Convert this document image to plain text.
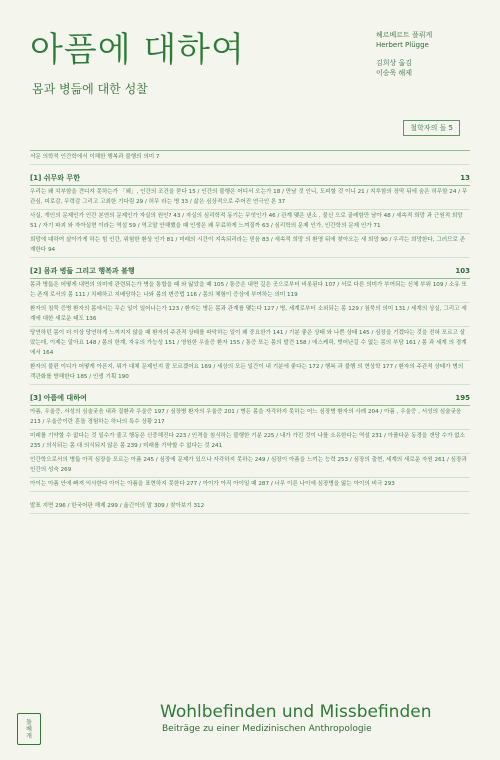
아픔에 대하여
몸과 병듦에 대한 성찰
헤르베르트 플뤼게
Herbert Plügge
김희상 옮김
이승욱 해제
철학자의 돌 5

서문 의학적 인간학에서 이해한 행복과 불행의 의미 7

[1] 쉬무와 무한	13

우리는 왜 치부함을 견디지 못하는가 「왜」, 인간의 조건을 묻다 15 / 인간의 불행은 어디서 오는가 18 / 만남 것 인니, 도피할 것 이니 21 / 지루함의 장막 뒤에 숨은 허무함 24 / 무관심, 피로감, 무력감 그리고 고최한 기다림 29 / 허무 라는 병 33 / 삶은 심상적으로 주어진 연극인 론 37

사실, 개인의 문제인가 인간 본연의 문제인가 자실의 원인? 43 / 자실의 심리학적 동기는 무엇인가 46 / 관계 맺은 낸소 , 불신 으로 골레함만 남아 48 / 세속적 희망 과 근원적 희망 51 / 자기 파괴 와 자아실현 이라는 역설 59 / 역고말 안해했을 때 인생은 왜 무료하게 느껴질까 63 / 심리학의 문제 인가, 인간학의 문제 인가 71

희망에 대하여 살아가게 하는 힘 인간, 위험한 환상 인가 81 / 미래의 시간이 지속되리라는 믿음 83 / 세속적 희망 의 환영 뒤에 찾아오는 새 희망 90 / 우리는 희망한다, 그러므로 존재한다 94

[2] 몸과 병듦 그리고 행복과 불행	103

몸과 병듦은 어떻게 내면의 의미에 관련되는가 병을 통합을 때 와 앓았을 때 105 / 통증은 내면 깊은 곳으로부터 비롯된다 107 / 서로 다른 의미가 부여되는 신체 부위 109 / 소유 또는 존재 로서의 몸 111 / 치배하고 지배당하는 나와 몸의 변증법 116 / 몸의 체험이 증상에 부여하는 의미 119

환자의 침묵 증병 환자의 몸에서는 무슨 일이 일어나는가 123 / 환자는 병든 몸과 관계를 맺는다 127 / 병, 세계로부터 소외되는 몸 129 / 침묵의 의미 131 / 세계의 상실, 그리고 세계에 대한 새로운 태도 136

당연하던 몸이 더 이상 당연하게 느껴지지 않을 때 환자의 주관적 상태를 파악하는 일이 왜 중요한가 141 / 기분 좋은 상태 와 나쁜 상태 145 / 심장을 기겠다는 것을 전혀 모르고 살았는데, 이제는 알아요 148 / 몸의 한계, 자유의 가능성 151 / 영원한 우울증 환자 155 / 통증 또는 몸의 발견 158 / 에스케릭, 벗어난길 수 없는 몸의 부담 161 / 몸 과 세계 의 경계에서 164

환자의 불편 이디가 어떻게 아픈지, 뭐가 대체 문제인지 잘 모르겠어요 169 / 세상의 모든 일간이 내 기분에 좋다는 172 / 행복 과 불행 의 현상학 177 / 환자의 주관적 상태가 병의 객관화를 방해한다 185 / 인생 기획 190

[3] 아픔에 대하여	195

아픔, 우울증, 서성의 심술궂음 내과 질환과 우울증 197 / 심장병 환자의 우울증 201 / 병든 몸을 자각하지 못하는 어느 심장병 환자의 사례 204 / 아픔 , 우울증 , 서성의 심술궂음 213 / 우울증이란 혼돌 경험하는 하나의 특수 상황 217

미래를 기약할 수 없다는 것 일수가 줄고 행동은 신중해진다 223 / 인격을 침식하는 불행한 기분 225 / 내가 가진 것이 나를 소유한다는 역설 231 / 아플다운 동경을 갠당 수가 없소 235 / 의식되는 몸 대 의식되지 않은 몸 239 / 미래를 기약할 수 없다는 것 241

인간학으로서의 병듦 아직 심장을 모르는 아픔 245 / 심장에 문제가 있으나 자각하지 못하는 249 / 심장이 아픔을 느끼는 능력 253 / 심장의 출현, 세계의 새로운 자원 261 / 심장과 인간의 성숙 269

아이는 아픔 안에 빠져 익사한다 아이는 아픔을 표현하지 못한다 277 / 아이가 아직 아이일 때 287 / 너무 이른 나이에 심장병을 앓는 아이의 비극 293

발표 지면 296 / 한국어판 해제 299 / 옮긴이의 말 309 / 찾아보기 312

돌
베
개
Wohlbefinden und Missbefinden
Beiträge zu einer Medizinischen Anthropologie
